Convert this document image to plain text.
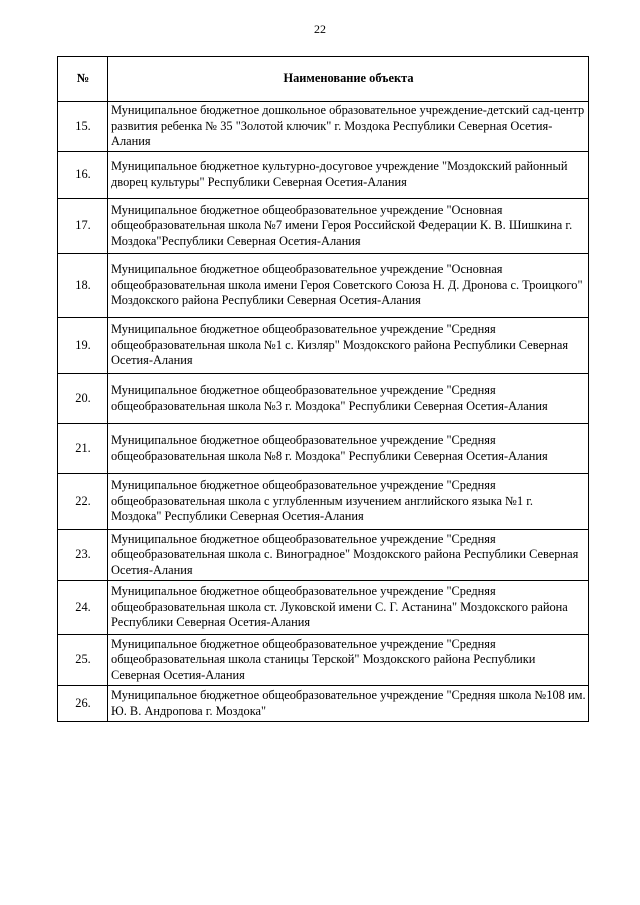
22
№	Наименование объекта
15.	Муниципальное бюджетное дошкольное образовательное учреждение-детский сад-центр развития ребенка № 35 "Золотой ключик" г. Моздока Республики Северная Осетия-Алания
16.	Муниципальное бюджетное культурно-досуговое учреждение "Моздокский районный дворец культуры" Республики Северная Осетия-Алания
17.	Муниципальное бюджетное общеобразовательное учреждение "Основная общеобразовательная школа №7 имени Героя Российской Федерации К. В. Шишкина г. Моздока"Республики Северная Осетия-Алания
18.	Муниципальное бюджетное общеобразовательное учреждение "Основная общеобразовательная школа имени Героя Советского Союза Н. Д. Дронова с. Троицкого" Моздокского района Республики Северная Осетия-Алания
19.	Муниципальное бюджетное общеобразовательное учреждение "Средняя общеобразовательная школа №1 с. Кизляр" Моздокского района Республики Северная Осетия-Алания
20.	Муниципальное бюджетное общеобразовательное учреждение "Средняя общеобразовательная школа №3 г. Моздока" Республики Северная Осетия-Алания
21.	Муниципальное бюджетное общеобразовательное учреждение "Средняя общеобразовательная школа №8 г. Моздока" Республики Северная Осетия-Алания
22.	Муниципальное бюджетное общеобразовательное учреждение "Средняя общеобразовательная школа с углубленным изучением английского языка №1 г. Моздока" Республики Северная Осетия-Алания
23.	Муниципальное бюджетное общеобразовательное учреждение "Средняя общеобразовательная школа с. Виноградное" Моздокского района Республики Северная Осетия-Алания
24.	Муниципальное бюджетное общеобразовательное учреждение "Средняя общеобразовательная школа ст. Луковской имени С. Г. Астанина" Моздокского района Республики Северная Осетия-Алания
25.	Муниципальное бюджетное общеобразовательное учреждение "Средняя общеобразовательная школа станицы Терской" Моздокского района Республики Северная Осетия-Алания
26.	Муниципальное бюджетное общеобразовательное учреждение "Средняя школа №108 им. Ю. В. Андропова г. Моздока"
